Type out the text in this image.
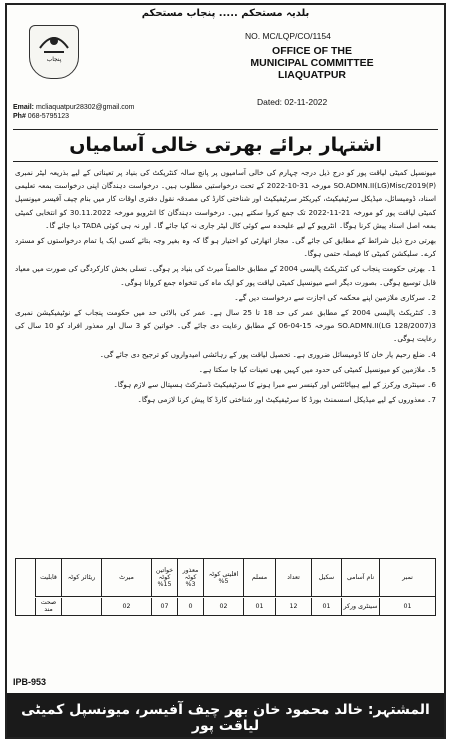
بلدیہ مستحکم ..... پنجاب مستحکم
پنجاب
NO. MC/LQP/CO/1154
OFFICE OF THE
MUNICIPAL COMMITTEE
LIAQUATPUR
Dated: 02-11-2022
Email: mcliaquatpur28302@gmail.com
Ph# 068-5795123
اشتہار برائے بھرتی خالی آسامیاں

میونسپل کمیٹی لیاقت پور کو درج ذیل درجہ چہارم کی خالی آسامیوں پر پانچ سالہ کنٹریکٹ کی بنیاد پر تعیناتی کے لیے بذریعہ لیٹر نمبری SO.ADMN.II(LG)Misc/2019(P) مورخہ 31-10-2022 کے تحت درخواستیں مطلوب ہیں۔ درخواست دہندگان اپنی درخواست بمعہ تعلیمی اسناد، ڈومیسائل، میڈیکل سرٹیفیکیٹ، کیریکٹر سرٹیفیکیٹ اور شناختی کارڈ کی مصدقہ نقول دفتری اوقات کار میں بنام چیف آفیسر میونسپل کمیٹی لیاقت پور کو مورخہ 21-11-2022 تک جمع کروا سکتے ہیں۔ درخواست دہندگان کا انٹرویو مورخہ 30.11.2022 کو انتخابی کمیٹی بمعہ اصل اسناد پیش کرنا ہوگا۔ انٹرویو کے لیے علیحدہ سے کوئی کال لیٹر جاری نہ کیا جائے گا۔ اور نہ ہی کوئی TADA دیا جائے گا۔

بھرتی درج ذیل شرائط کے مطابق کی جائے گی۔ مجاز اتھارٹی کو اختیار ہو گا کہ وہ بغیر وجہ بتائے کسی ایک یا تمام درخواستوں کو مسترد کرے۔ سلیکشن کمیٹی کا فیصلہ حتمی ہوگا۔

1۔ بھرتی حکومت پنجاب کی کنٹریکٹ پالیسی 2004 کے مطابق خالصتاً میرٹ کی بنیاد پر ہوگی۔ تسلی بخش کارکردگی کی صورت میں معیاد قابل توسیع ہوگی۔ بصورت دیگر اسے میونسپل کمیٹی لیاقت پور کو ایک ماہ کی تنخواہ جمع کروانا ہوگی۔

2۔ سرکاری ملازمین اپنے محکمہ کی اجازت سے درخواست دیں گے۔

3۔ کنٹریکٹ پالیسی 2004 کے مطابق عمر کی حد 18 تا 25 سال ہے۔ عمر کی بالائی حد میں حکومت پنجاب کے نوٹیفیکیشن نمبری SO.ADMN.II(LG 128/2007)3 مورخہ 15-04-06 کے مطابق رعایت دی جائے گی۔ خواتین کو 3 سال اور معذور افراد کو 10 سال کی رعایت ہوگی۔

4۔ ضلع رحیم یار خان کا ڈومیسائل ضروری ہے۔ تحصیل لیاقت پور کے رہائشی امیدواروں کو ترجیح دی جائے گی۔

5۔ ملازمین کو میونسپل کمیٹی کی حدود میں کہیں بھی تعینات کیا جا سکتا ہے۔

6۔ سینٹری ورکرز کے لیے ہیپاٹائٹس اور کینسر سے مبرا ہونے کا سرٹیفیکیٹ ڈسٹرکٹ ہسپتال سے لازم ہوگا۔

7۔ معذوروں کے لیے میڈیکل اسسمنٹ بورڈ کا سرٹیفیکیٹ اور شناختی کارڈ کا پیش کرنا لازمی ہوگا۔

نمبر
نام آسامی
سکیل
تعداد
مسلم
اقلیتی کوٹہ 5%
معذور کوٹہ 3%
خواتین کوٹہ 15%
میرٹ
ریٹائر کوٹہ
قابلیت
01
سینٹری ورکر
01
12
01
02
0
07
02
صحت مند
IPB-953
المشتہر: خالد محمود خان بھر چیف آفیسر، میونسپل کمیٹی لیاقت پور
